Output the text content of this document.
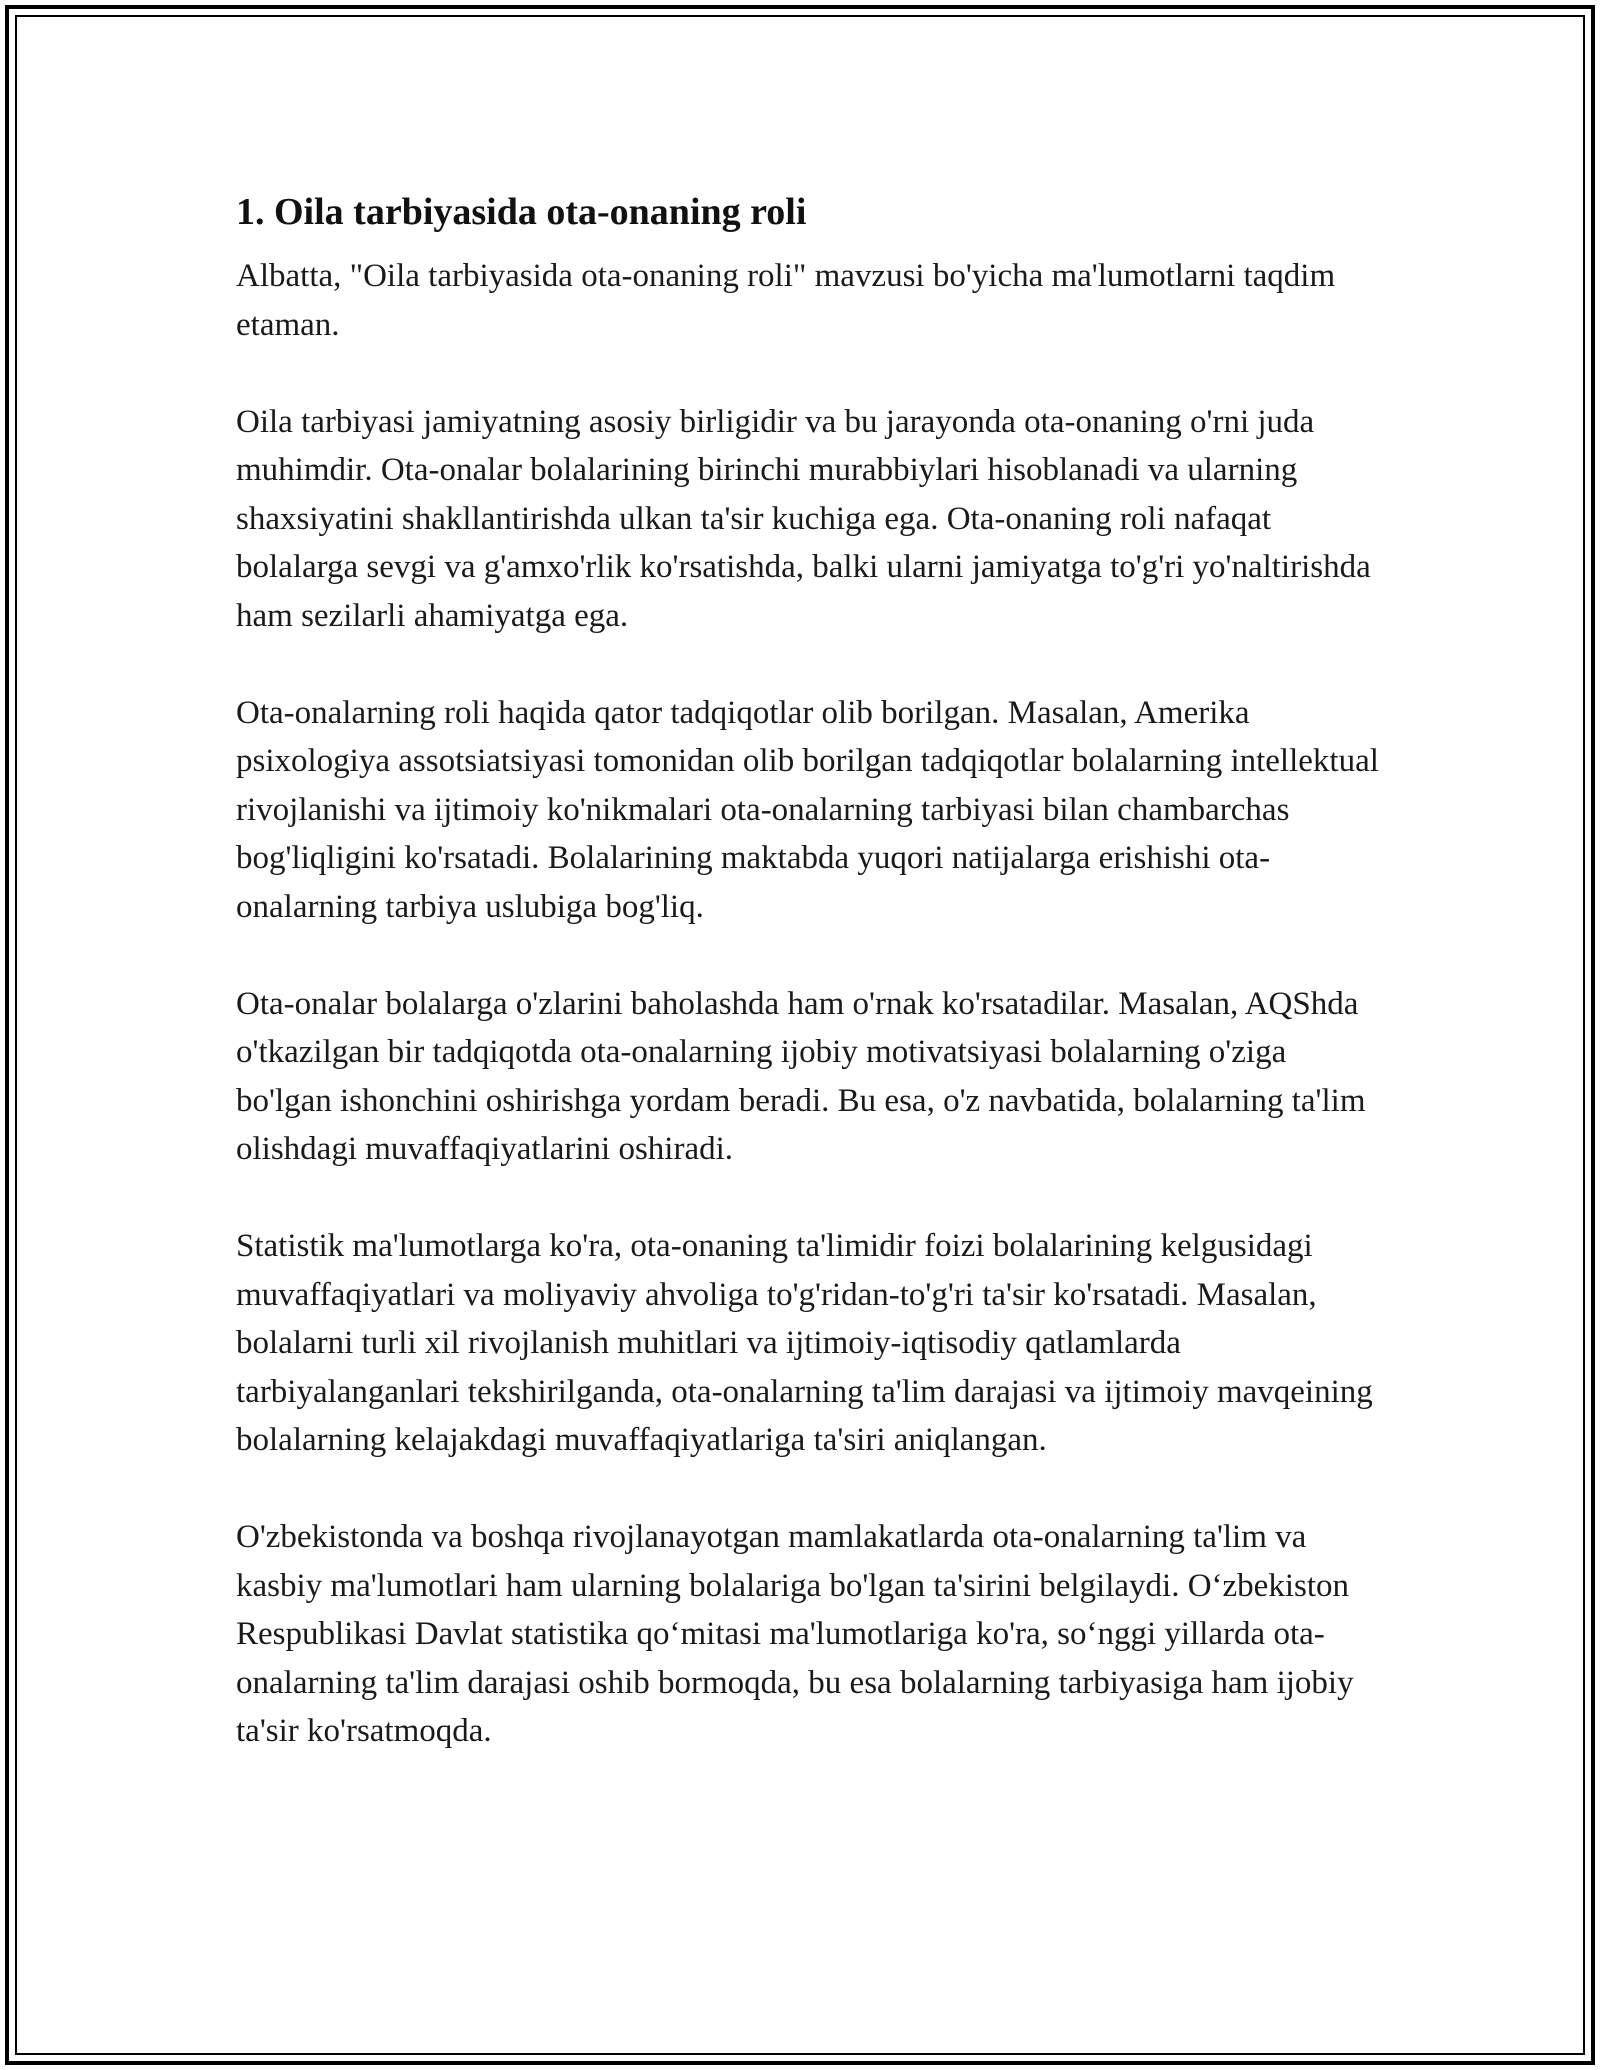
1. Oila tarbiyasida ota-onaning roli

Albatta, "Oila tarbiyasida ota-onaning roli" mavzusi bo'yicha ma'lumotlarni taqdim etaman.

Oila tarbiyasi jamiyatning asosiy birligidir va bu jarayonda ota-onaning o'rni juda muhimdir. Ota-onalar bolalarining birinchi murabbiylari hisoblanadi va ularning shaxsiyatini shakllantirishda ulkan ta'sir kuchiga ega. Ota-onaning roli nafaqat bolalarga sevgi va g'amxo'rlik ko'rsatishda, balki ularni jamiyatga to'g'ri yo'naltirishda ham sezilarli ahamiyatga ega.

Ota-onalarning roli haqida qator tadqiqotlar olib borilgan. Masalan, Amerika psixologiya assotsiatsiyasi tomonidan olib borilgan tadqiqotlar bolalarning intellektual rivojlanishi va ijtimoiy ko'nikmalari ota-onalarning tarbiyasi bilan chambarchas bog'liqligini ko'rsatadi. Bolalarining maktabda yuqori natijalarga erishishi ota-onalarning tarbiya uslubiga bog'liq.

Ota-onalar bolalarga o'zlarini baholashda ham o'rnak ko'rsatadilar. Masalan, AQShda o'tkazilgan bir tadqiqotda ota-onalarning ijobiy motivatsiyasi bolalarning o'ziga bo'lgan ishonchini oshirishga yordam beradi. Bu esa, o'z navbatida, bolalarning ta'lim olishdagi muvaffaqiyatlarini oshiradi.

Statistik ma'lumotlarga ko'ra, ota-onaning ta'limidir foizi bolalarining kelgusidagi muvaffaqiyatlari va moliyaviy ahvoliga to'g'ridan-to'g'ri ta'sir ko'rsatadi. Masalan, bolalarni turli xil rivojlanish muhitlari va ijtimoiy-iqtisodiy qatlamlarda tarbiyalanganlari tekshirilganda, ota-onalarning ta'lim darajasi va ijtimoiy mavqeining bolalarning kelajakdagi muvaffaqiyatlariga ta'siri aniqlangan.

O'zbekistonda va boshqa rivojlanayotgan mamlakatlarda ota-onalarning ta'lim va kasbiy ma'lumotlari ham ularning bolalariga bo'lgan ta'sirini belgilaydi. O‘zbekiston Respublikasi Davlat statistika qo‘mitasi ma'lumotlariga ko'ra, so‘nggi yillarda ota-onalarning ta'lim darajasi oshib bormoqda, bu esa bolalarning tarbiyasiga ham ijobiy ta'sir ko'rsatmoqda.
